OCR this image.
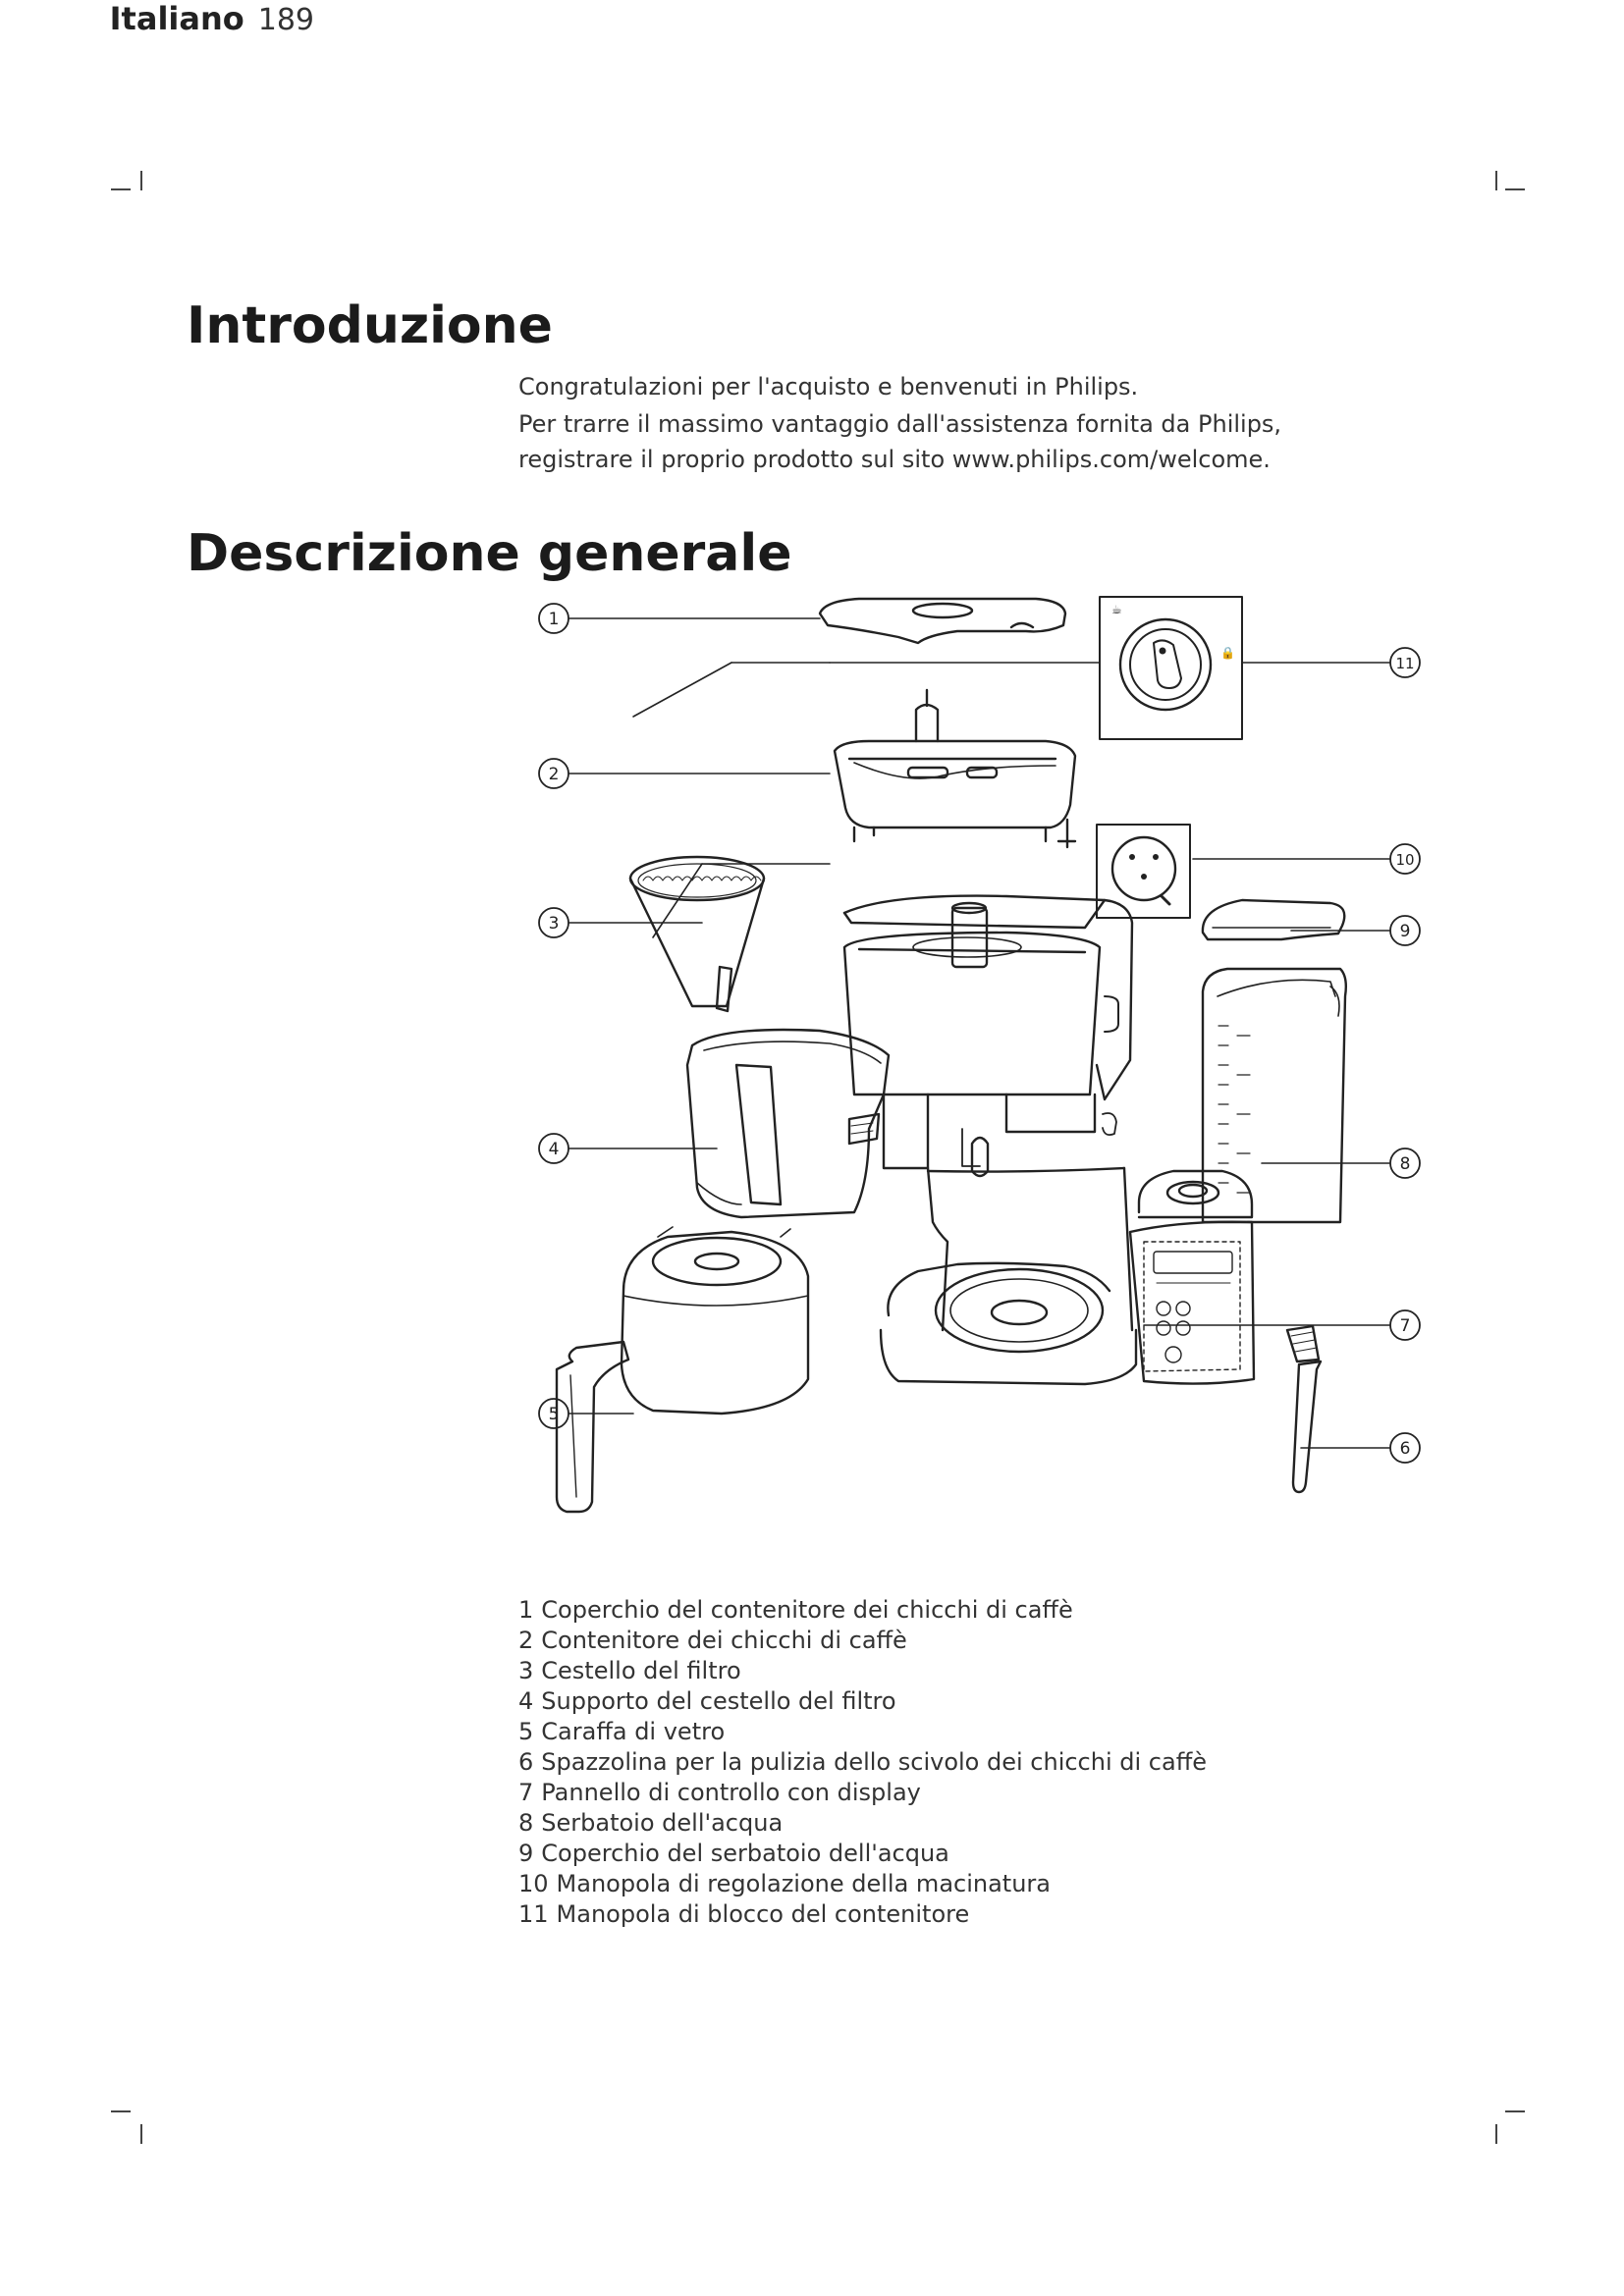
Italiano 189
Introduzione
Congratulazioni per l'acquisto e benvenuti in Philips.
Per trarre il massimo vantaggio dall'assistenza fornita da Philips, registrare il proprio prodotto sul sito www.philips.com/welcome.
Descrizione generale
☕
🔒
1
2
3
4
5
6
7
8
9
10
11
1 Coperchio del contenitore dei chicchi di caffè
2 Contenitore dei chicchi di caffè
3 Cestello del filtro
4 Supporto del cestello del filtro
5 Caraffa di vetro
6 Spazzolina per la pulizia dello scivolo dei chicchi di caffè
7 Pannello di controllo con display
8 Serbatoio dell'acqua
9 Coperchio del serbatoio dell'acqua
10 Manopola di regolazione della macinatura
11 Manopola di blocco del contenitore
